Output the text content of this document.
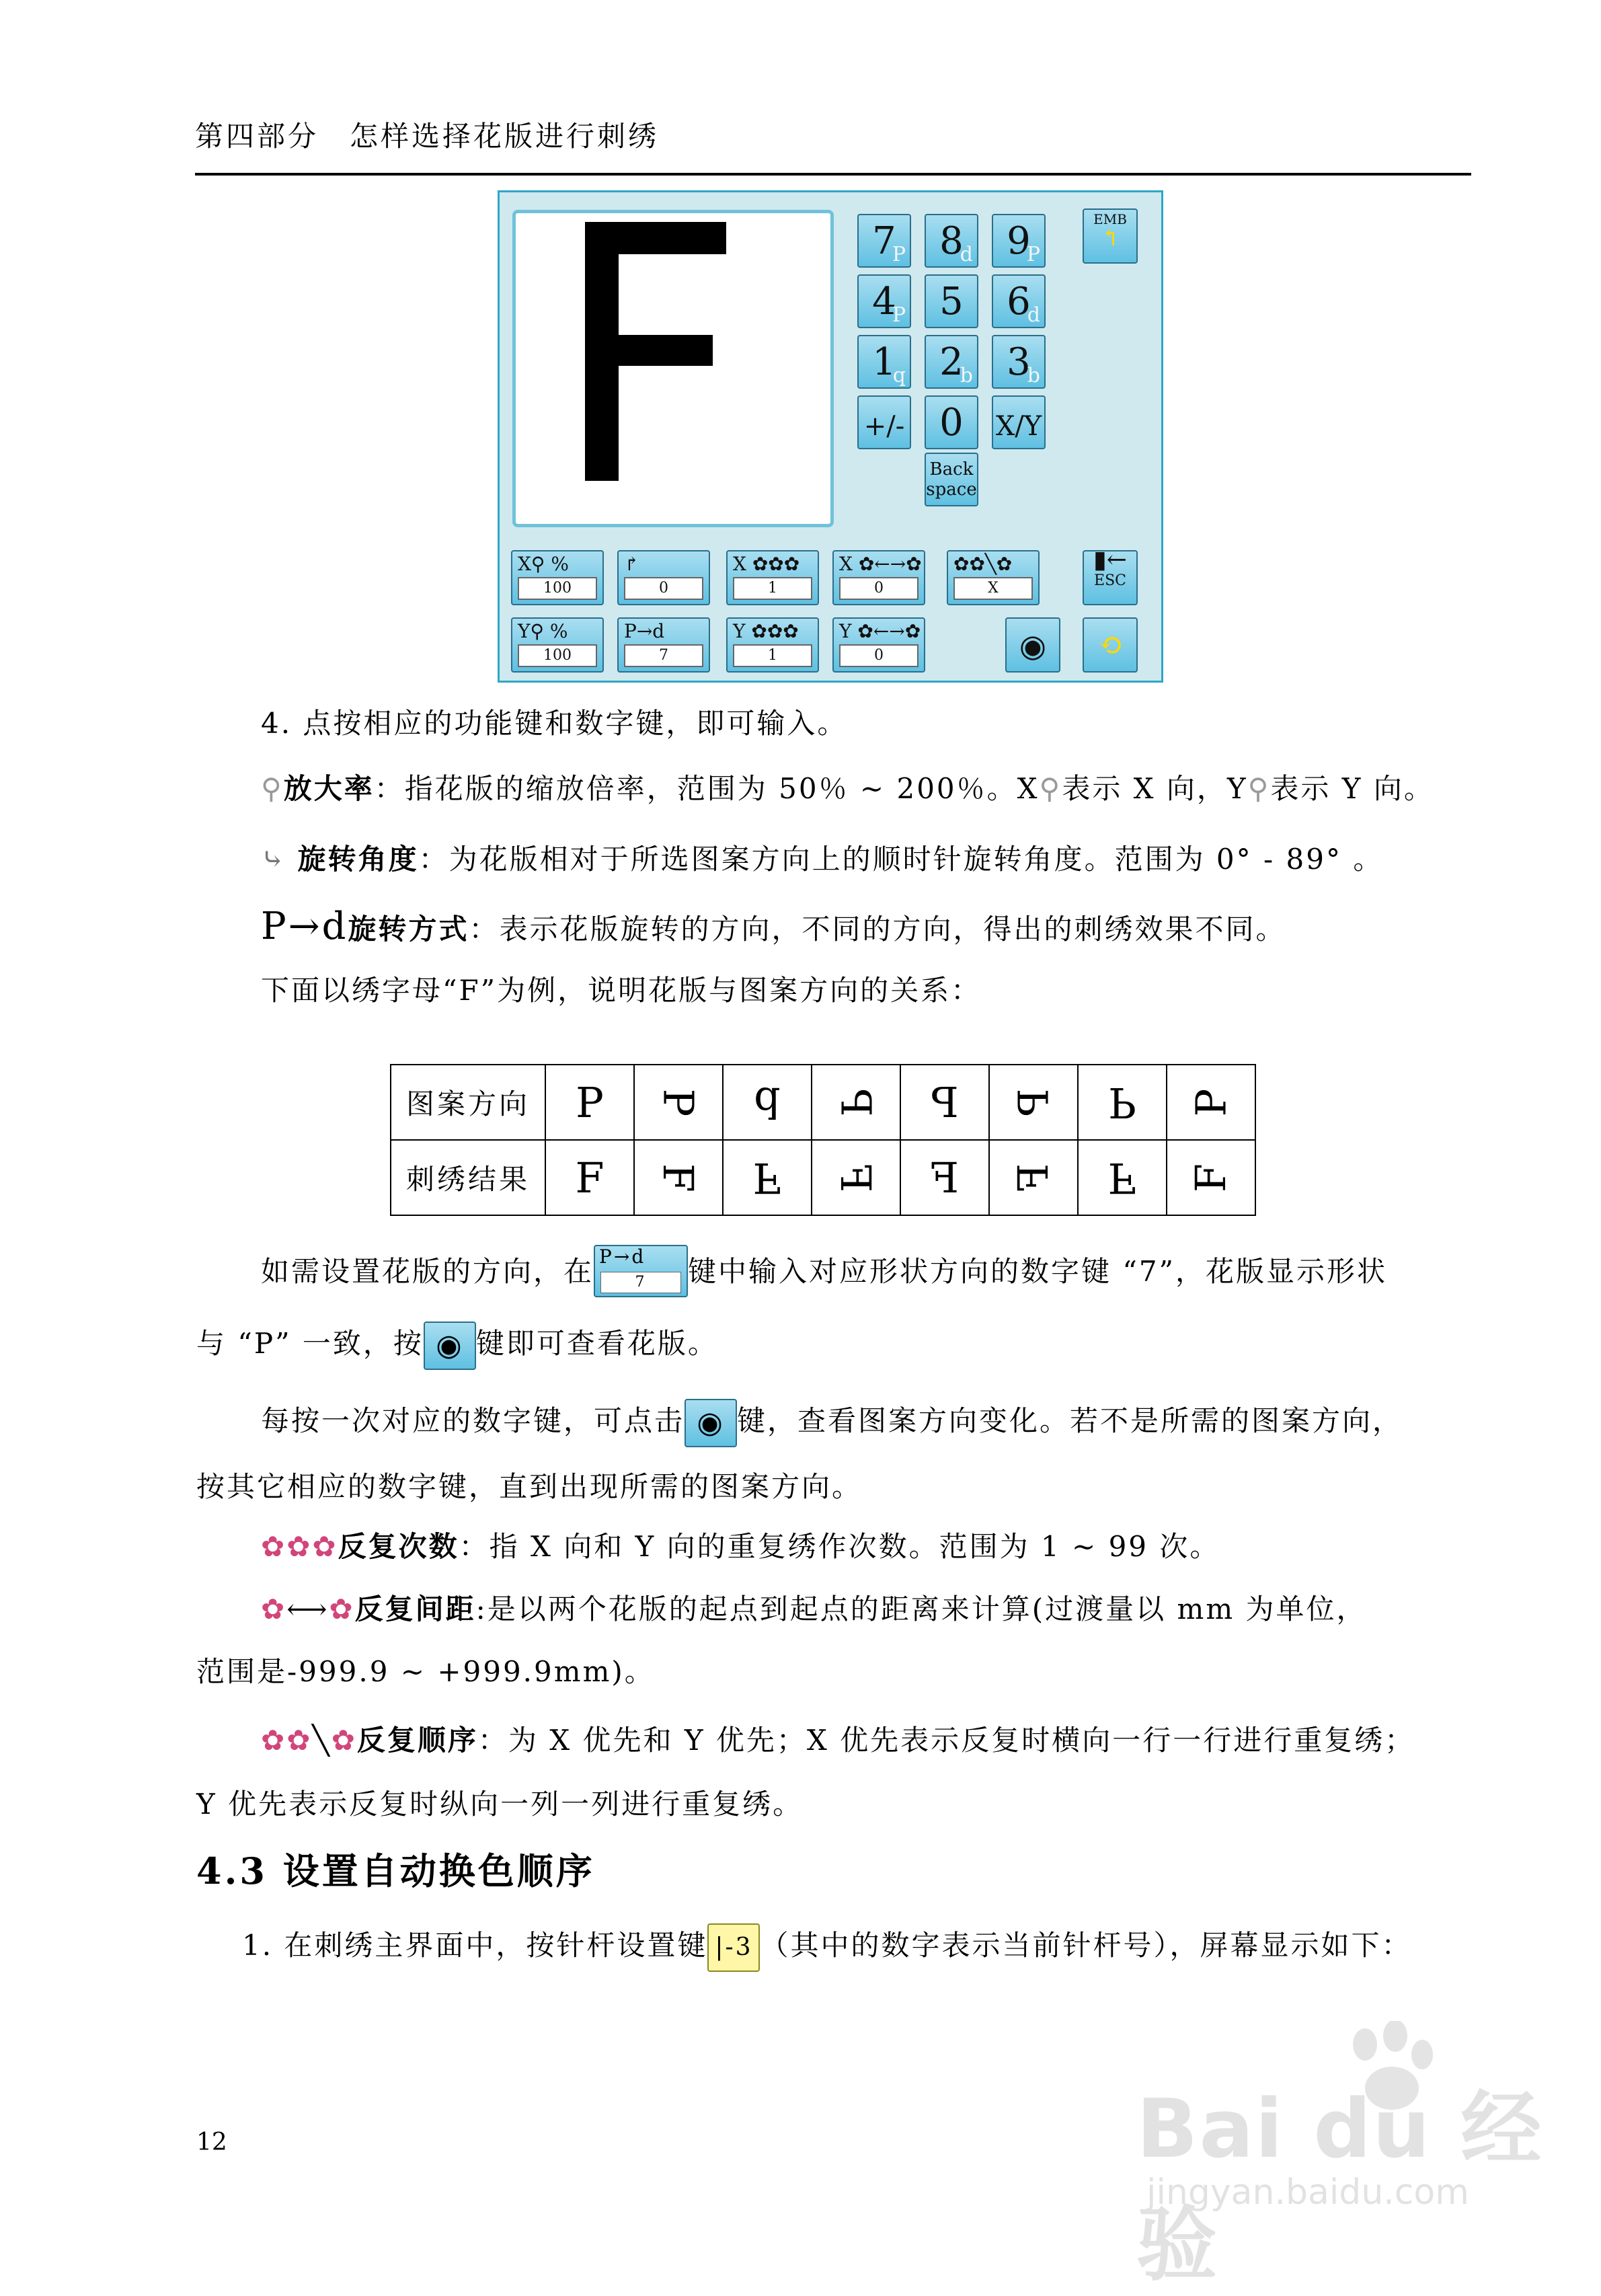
第四部分　怎样选择花版进行刺绣
7
P 8
d 9
P
4
P 5	6
d
1
q 2
b 3
b
+/- 0	X/Y
Back space
EMB
↰
▮←
ESC
◉	⟲
X⚲ %
100
↱
0
X ✿✿✿
1
X ✿←→✿
0
✿✿╲✿
X
Y⚲ %
100
P→d
7
Y ✿✿✿
1
Y ✿←→✿
0
4. 点按相应的功能键和数字键，即可输入。
⚲放大率：指花版的缩放倍率，范围为 50％ ~ 200％。X⚲表示 X 向，Y⚲表示 Y 向。
⤷ 旋转角度：为花版相对于所选图案方向上的顺时针旋转角度。范围为 0° - 89° 。
P→d旋转方式：表示花版旋转的方向，不同的方向，得出的刺绣效果不同。
下面以绣字母“F”为例，说明花版与图案方向的关系：
图案方向	P	P	d	P	P	P	P	P
刺绣结果	F	F	F	F	F	F	F	F
如需设置花版的方向，在 P→d
7	键中输入对应形状方向的数字键 “7”，花版显示形状
与 “P” 一致，按 ◉ 键即可查看花版。
每按一次对应的数字键，可点击 ◉ 键，查看图案方向变化。若不是所需的图案方向，
按其它相应的数字键，直到出现所需的图案方向。
✿✿✿反复次数：指 X 向和 Y 向的重复绣作次数。范围为 1 ~ 99 次。
✿⟷✿反复间距:是以两个花版的起点到起点的距离来计算(过渡量以 mm 为单位，
范围是-999.9 ~ +999.9mm)。
✿✿╲✿反复顺序：为 X 优先和 Y 优先；X 优先表示反复时横向一行一行进行重复绣；
Y 优先表示反复时纵向一列一列进行重复绣。
4.3 设置自动换色顺序
1. 在刺绣主界面中，按针杆设置键 |-3 （其中的数字表示当前针杆号），屏幕显示如下：
12	Bai du 经验
jingyan.baidu.com
